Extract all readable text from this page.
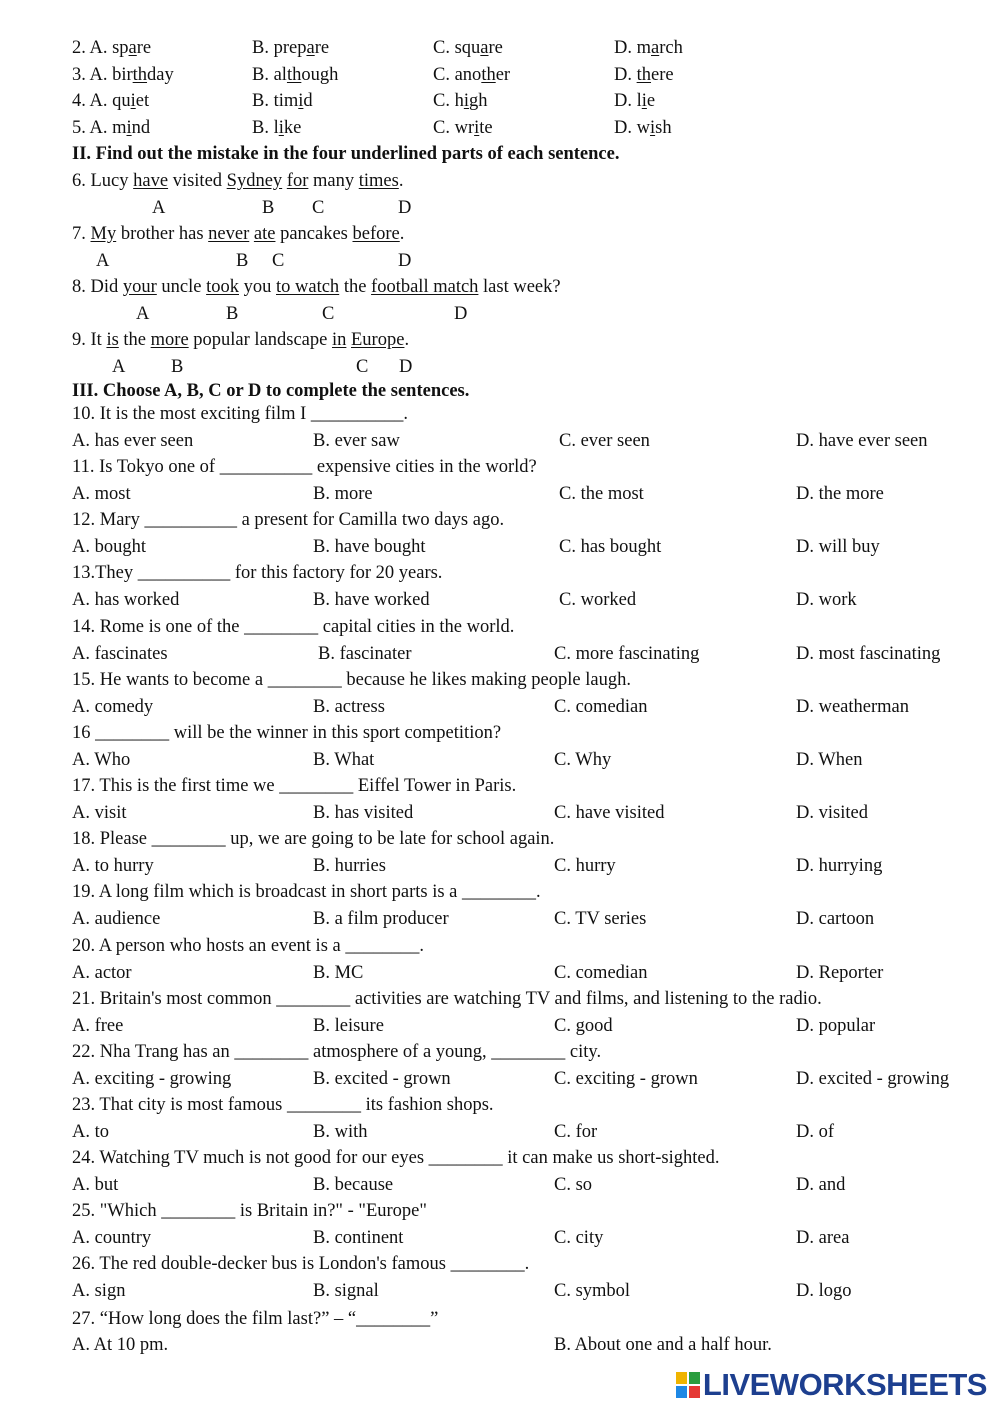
2. A. spare	B. prepare	C. square	D. march
3. A. birthday	B. although	C. another	D. there
4. A. quiet	B. timid	C. high	D. lie
5. A. mind	B. like	C. write	D. wish
II. Find out the mistake in the four underlined parts of each sentence.
6. Lucy have visited Sydney for many times.
A	B C	D
7. My brother has never ate pancakes before.
A	B C	D
8. Did your uncle took you to watch the football match last week?
A	B	C	D
9. It is the more popular landscape in Europe.
A B	C D
III. Choose A, B, C or D to complete the sentences.
10. It is the most exciting film I __________.
A. has ever seen	B. ever saw	C. ever seen	D. have ever seen
11. Is Tokyo one of __________ expensive cities in the world?
A. most	B. more	C. the most	D. the more
12. Mary __________ a present for Camilla two days ago.
A. bought	B. have bought	C. has bought	D. will buy
13.They __________ for this factory for 20 years.
A. has worked	B. have worked	C. worked	D. work
14. Rome is one of the ________ capital cities in the world.
A. fascinates	B. fascinater	C. more fascinating	D. most fascinating
15. He wants to become a ________ because he likes making people laugh.
A. comedy	B. actress	C. comedian	D. weatherman
16 ________ will be the winner in this sport competition?
A. Who	B. What	C. Why	D. When
17. This is the first time we ________ Eiffel Tower in Paris.
A. visit	B. has visited	C. have visited	D. visited
18. Please ________ up, we are going to be late for school again.
A. to hurry	B. hurries	C. hurry	D. hurrying
19. A long film which is broadcast in short parts is a ________.
A. audience	B. a film producer	C. TV series	D. cartoon
20. A person who hosts an event is a ________.
A. actor	B. MC	C. comedian	D. Reporter
21. Britain's most common ________ activities are watching TV and films, and listening to the radio.
A. free	B. leisure	C. good	D. popular
22. Nha Trang has an ________ atmosphere of a young, ________ city.
A. exciting - growing	B. excited - grown	C. exciting - grown	D. excited - growing
23. That city is most famous ________ its fashion shops.
A. to	B. with	C. for	D. of
24. Watching TV much is not good for our eyes ________ it can make us short-sighted.
A. but	B. because	C. so	D. and
25. "Which ________ is Britain in?" - "Europe"
A. country	B. continent	C. city	D. area
26. The red double-decker bus is London's famous ________.
A. sign	B. signal	C. symbol	D. logo
27. “How long does the film last?” – “________”
A. At 10 pm.	B. About one and a half hour.
LIVEWORKSHEETS
